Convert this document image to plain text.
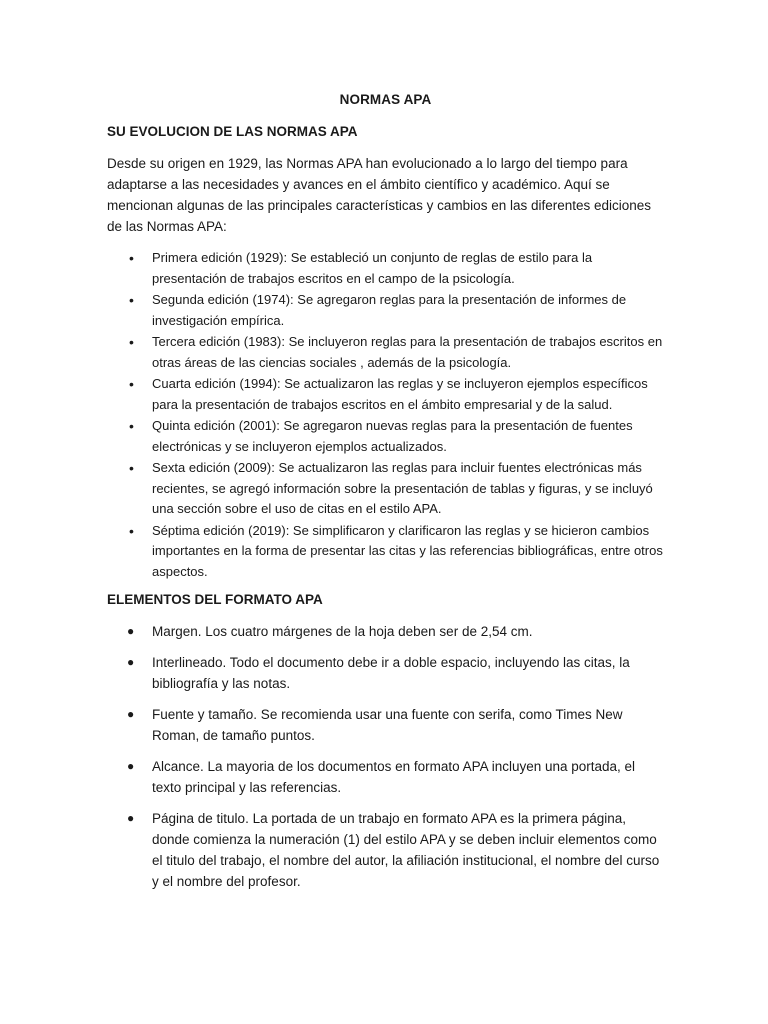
NORMAS APA
SU EVOLUCION DE LAS NORMAS APA

Desde su origen en 1929, las Normas APA han evolucionado a lo largo del tiempo para adaptarse a las necesidades y avances en el ámbito científico y académico. Aquí se mencionan algunas de las principales características y cambios en las diferentes ediciones de las Normas APA:

• Primera edición (1929): Se estableció un conjunto de reglas de estilo para la presentación de trabajos escritos en el campo de la psicología.
• Segunda edición (1974): Se agregaron reglas para la presentación de informes de investigación empírica.
• Tercera edición (1983): Se incluyeron reglas para la presentación de trabajos escritos en otras áreas de las ciencias sociales , además de la psicología.
• Cuarta edición (1994): Se actualizaron las reglas y se incluyeron ejemplos específicos para la presentación de trabajos escritos en el ámbito empresarial y de la salud.
• Quinta edición (2001): Se agregaron nuevas reglas para la presentación de fuentes electrónicas y se incluyeron ejemplos actualizados.
• Sexta edición (2009): Se actualizaron las reglas para incluir fuentes electrónicas más recientes, se agregó información sobre la presentación de tablas y figuras, y se incluyó una sección sobre el uso de citas en el estilo APA.
• Séptima edición (2019): Se simplificaron y clarificaron las reglas y se hicieron cambios importantes en la forma de presentar las citas y las referencias bibliográficas, entre otros aspectos.
ELEMENTOS DEL FORMATO APA
● Margen. Los cuatro márgenes de la hoja deben ser de 2,54 cm.
● Interlineado. Todo el documento debe ir a doble espacio, incluyendo las citas, la bibliografía y las notas.
● Fuente y tamaño. Se recomienda usar una fuente con serifa, como Times New Roman, de tamaño puntos.
● Alcance. La mayoria de los documentos en formato APA incluyen una portada, el texto principal y las referencias.
● Página de titulo. La portada de un trabajo en formato APA es la primera página, donde comienza la numeración (1) del estilo APA y se deben incluir elementos como el titulo del trabajo, el nombre del autor, la afiliación institucional, el nombre del curso y el nombre del profesor.
